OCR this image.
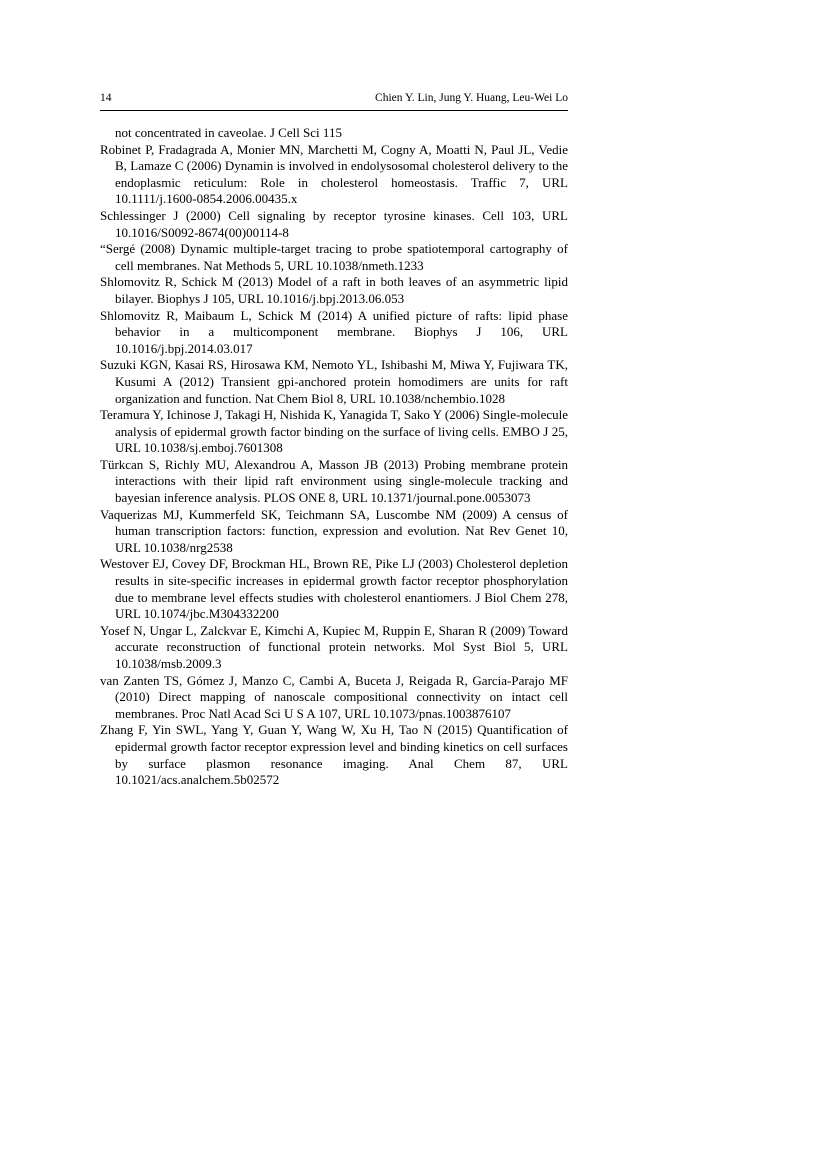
14	Chien Y. Lin, Jung Y. Huang, Leu-Wei Lo
not concentrated in caveolae. J Cell Sci 115
Robinet P, Fradagrada A, Monier MN, Marchetti M, Cogny A, Moatti N, Paul JL, Vedie B, Lamaze C (2006) Dynamin is involved in endolysosomal cholesterol delivery to the endoplasmic reticulum: Role in cholesterol homeostasis. Traffic 7, URL 10.1111/j.1600-0854.2006.00435.x
Schlessinger J (2000) Cell signaling by receptor tyrosine kinases. Cell 103, URL 10.1016/S0092-8674(00)00114-8
“Sergé (2008) Dynamic multiple-target tracing to probe spatiotemporal cartography of cell membranes. Nat Methods 5, URL 10.1038/nmeth.1233
Shlomovitz R, Schick M (2013) Model of a raft in both leaves of an asymmetric lipid bilayer. Biophys J 105, URL 10.1016/j.bpj.2013.06.053
Shlomovitz R, Maibaum L, Schick M (2014) A unified picture of rafts: lipid phase behavior in a multicomponent membrane. Biophys J 106, URL 10.1016/j.bpj.2014.03.017
Suzuki KGN, Kasai RS, Hirosawa KM, Nemoto YL, Ishibashi M, Miwa Y, Fujiwara TK, Kusumi A (2012) Transient gpi-anchored protein homodimers are units for raft organization and function. Nat Chem Biol 8, URL 10.1038/nchembio.1028
Teramura Y, Ichinose J, Takagi H, Nishida K, Yanagida T, Sako Y (2006) Single-molecule analysis of epidermal growth factor binding on the surface of living cells. EMBO J 25, URL 10.1038/sj.emboj.7601308
Türkcan S, Richly MU, Alexandrou A, Masson JB (2013) Probing membrane protein interactions with their lipid raft environment using single-molecule tracking and bayesian inference analysis. PLOS ONE 8, URL 10.1371/journal.pone.0053073
Vaquerizas MJ, Kummerfeld SK, Teichmann SA, Luscombe NM (2009) A census of human transcription factors: function, expression and evolution. Nat Rev Genet 10, URL 10.1038/nrg2538
Westover EJ, Covey DF, Brockman HL, Brown RE, Pike LJ (2003) Cholesterol depletion results in site-specific increases in epidermal growth factor receptor phosphorylation due to membrane level effects studies with cholesterol enantiomers. J Biol Chem 278, URL 10.1074/jbc.M304332200
Yosef N, Ungar L, Zalckvar E, Kimchi A, Kupiec M, Ruppin E, Sharan R (2009) Toward accurate reconstruction of functional protein networks. Mol Syst Biol 5, URL 10.1038/msb.2009.3
van Zanten TS, Gómez J, Manzo C, Cambi A, Buceta J, Reigada R, Garcia-Parajo MF (2010) Direct mapping of nanoscale compositional connectivity on intact cell membranes. Proc Natl Acad Sci U S A 107, URL 10.1073/pnas.1003876107
Zhang F, Yin SWL, Yang Y, Guan Y, Wang W, Xu H, Tao N (2015) Quantification of epidermal growth factor receptor expression level and binding kinetics on cell surfaces by surface plasmon resonance imaging. Anal Chem 87, URL 10.1021/acs.analchem.5b02572
